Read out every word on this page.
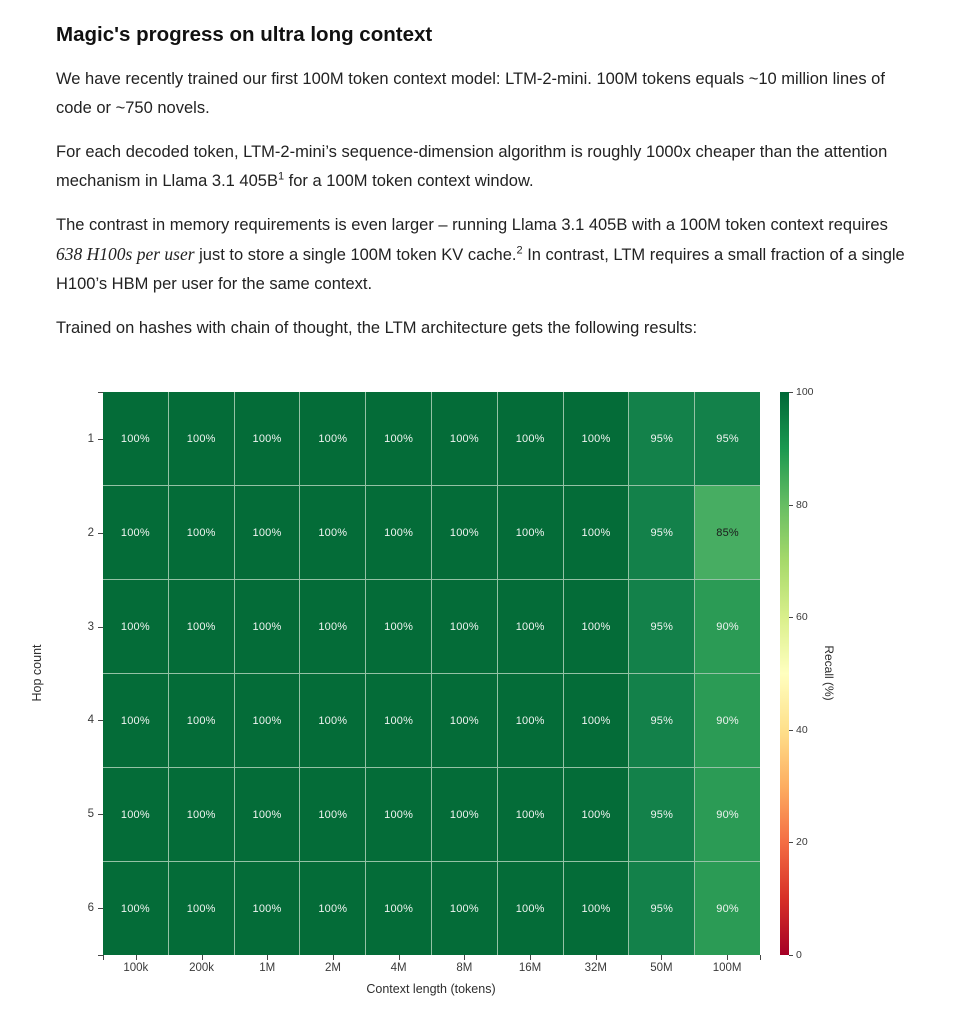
Magic's progress on ultra long context

We have recently trained our first 100M token context model: LTM-2-mini. 100M tokens equals ~10 million lines of code or ~750 novels.

For each decoded token, LTM-2-mini’s sequence-dimension algorithm is roughly 1000x cheaper than the attention mechanism in Llama 3.1 $405B^1$ for a 100M token context window.

The contrast in memory requirements is even larger – running Llama 3.1 405B with a 100M token context requires 638 H100s per user just to store a single 100M token KV cache.$^2$ In contrast, LTM requires a small fraction of a single H100’s HBM per user for the same context.

Trained on hashes with chain of thought, the LTM architecture gets the following results:

100%	100%	100%	100%	100%	100%	100%	100%	95%	95%
100%	100%	100%	100%	100%	100%	100%	100%	95%	85%
100%	100%	100%	100%	100%	100%	100%	100%	95%	90%
100%	100%	100%	100%	100%	100%	100%	100%	95%	90%
100%	100%	100%	100%	100%	100%	100%	100%	95%	90%
100%	100%	100%	100%	100%	100%	100%	100%	95%	90%
100k	200k	1M	2M	4M	8M	16M	32M	50M	100M
1
2
3
4
5
6
Context length (tokens)
Hop count
0
20
40
60
80
100
Recall (%)
